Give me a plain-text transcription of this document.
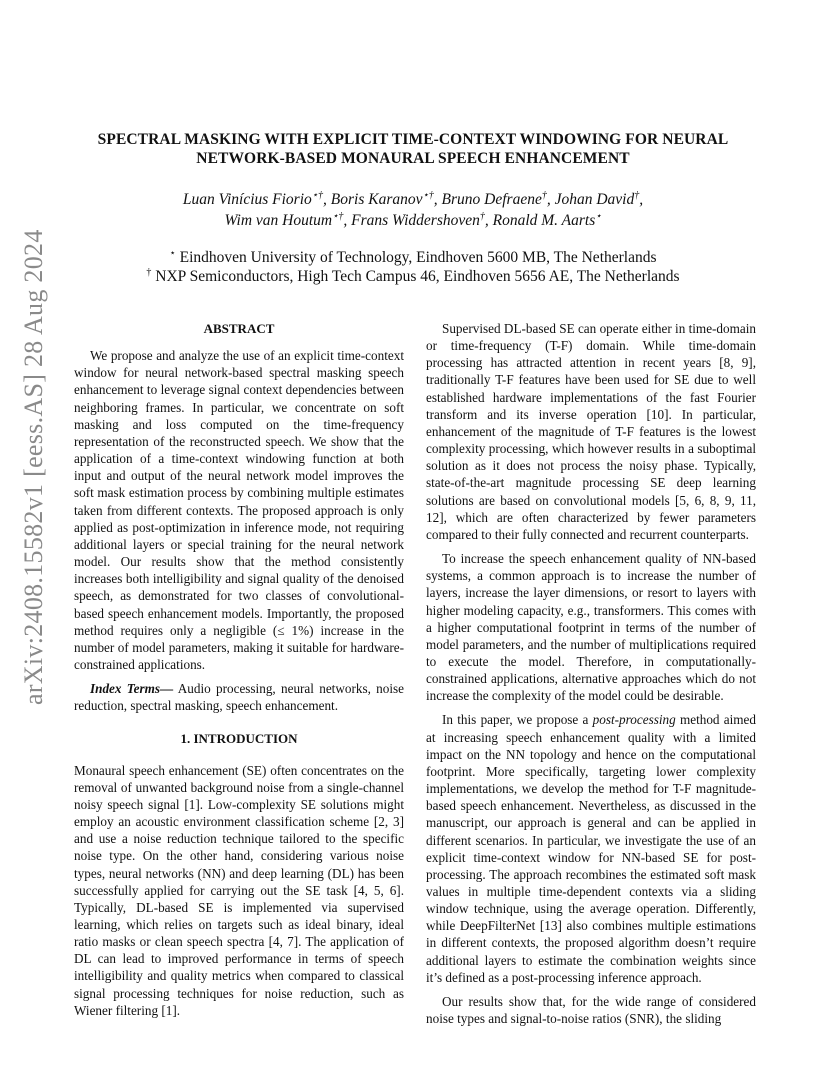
arXiv:2408.15582v1 [eess.AS] 28 Aug 2024
SPECTRAL MASKING WITH EXPLICIT TIME-CONTEXT WINDOWING FOR NEURAL
NETWORK-BASED MONAURAL SPEECH ENHANCEMENT
Luan Vinícius Fiorio⋆†, Boris Karanov⋆†, Bruno Defraene†, Johan David†,
Wim van Houtum⋆†, Frans Widdershoven†, Ronald M. Aarts⋆
⋆ Eindhoven University of Technology, Eindhoven 5600 MB, The Netherlands
† NXP Semiconductors, High Tech Campus 46, Eindhoven 5656 AE, The Netherlands
ABSTRACT

We propose and analyze the use of an explicit time-context window for neural network-based spectral masking speech enhancement to leverage signal context dependencies between neighboring frames. In particular, we concentrate on soft masking and loss computed on the time-frequency representation of the reconstructed speech. We show that the application of a time-context windowing function at both input and output of the neural network model improves the soft mask estimation process by combining multiple estimates taken from different contexts. The proposed approach is only applied as post-optimization in inference mode, not requiring additional layers or special training for the neural network model. Our results show that the method consistently increases both intelligibility and signal quality of the denoised speech, as demonstrated for two classes of convolutional-based speech enhancement models. Importantly, the proposed method requires only a negligible (≤ 1%) increase in the number of model parameters, making it suitable for hardware-constrained applications.

Index Terms— Audio processing, neural networks, noise reduction, spectral masking, speech enhancement.

1. INTRODUCTION

Monaural speech enhancement (SE) often concentrates on the removal of unwanted background noise from a single-channel noisy speech signal [1]. Low-complexity SE solutions might employ an acoustic environment classification scheme [2, 3] and use a noise reduction technique tailored to the specific noise type. On the other hand, considering various noise types, neural networks (NN) and deep learning (DL) has been successfully applied for carrying out the SE task [4, 5, 6]. Typically, DL-based SE is implemented via supervised learning, which relies on targets such as ideal binary, ideal ratio masks or clean speech spectra [4, 7]. The application of DL can lead to improved performance in terms of speech intelligibility and quality metrics when compared to classical signal processing techniques for noise reduction, such as Wiener filtering [1].

Supervised DL-based SE can operate either in time-domain or time-frequency (T-F) domain. While time-domain processing has attracted attention in recent years [8, 9], traditionally T-F features have been used for SE due to well established hardware implementations of the fast Fourier transform and its inverse operation [10]. In particular, enhancement of the magnitude of T-F features is the lowest complexity processing, which however results in a suboptimal solution as it does not process the noisy phase. Typically, state-of-the-art magnitude processing SE deep learning solutions are based on convolutional models [5, 6, 8, 9, 11, 12], which are often characterized by fewer parameters compared to their fully connected and recurrent counterparts.

To increase the speech enhancement quality of NN-based systems, a common approach is to increase the number of layers, increase the layer dimensions, or resort to layers with higher modeling capacity, e.g., transformers. This comes with a higher computational footprint in terms of the number of model parameters, and the number of multiplications required to execute the model. Therefore, in computationally-constrained applications, alternative approaches which do not increase the complexity of the model could be desirable.

In this paper, we propose a post-processing method aimed at increasing speech enhancement quality with a limited impact on the NN topology and hence on the computational footprint. More specifically, targeting lower complexity implementations, we develop the method for T-F magnitude-based speech enhancement. Nevertheless, as discussed in the manuscript, our approach is general and can be applied in different scenarios. In particular, we investigate the use of an explicit time-context window for NN-based SE for post-processing. The approach recombines the estimated soft mask values in multiple time-dependent contexts via a sliding window technique, using the average operation. Differently, while DeepFilterNet [13] also combines multiple estimations in different contexts, the proposed algorithm doesn’t require additional layers to estimate the combination weights since it’s defined as a post-processing inference approach.

Our results show that, for the wide range of considered noise types and signal-to-noise ratios (SNR), the sliding
